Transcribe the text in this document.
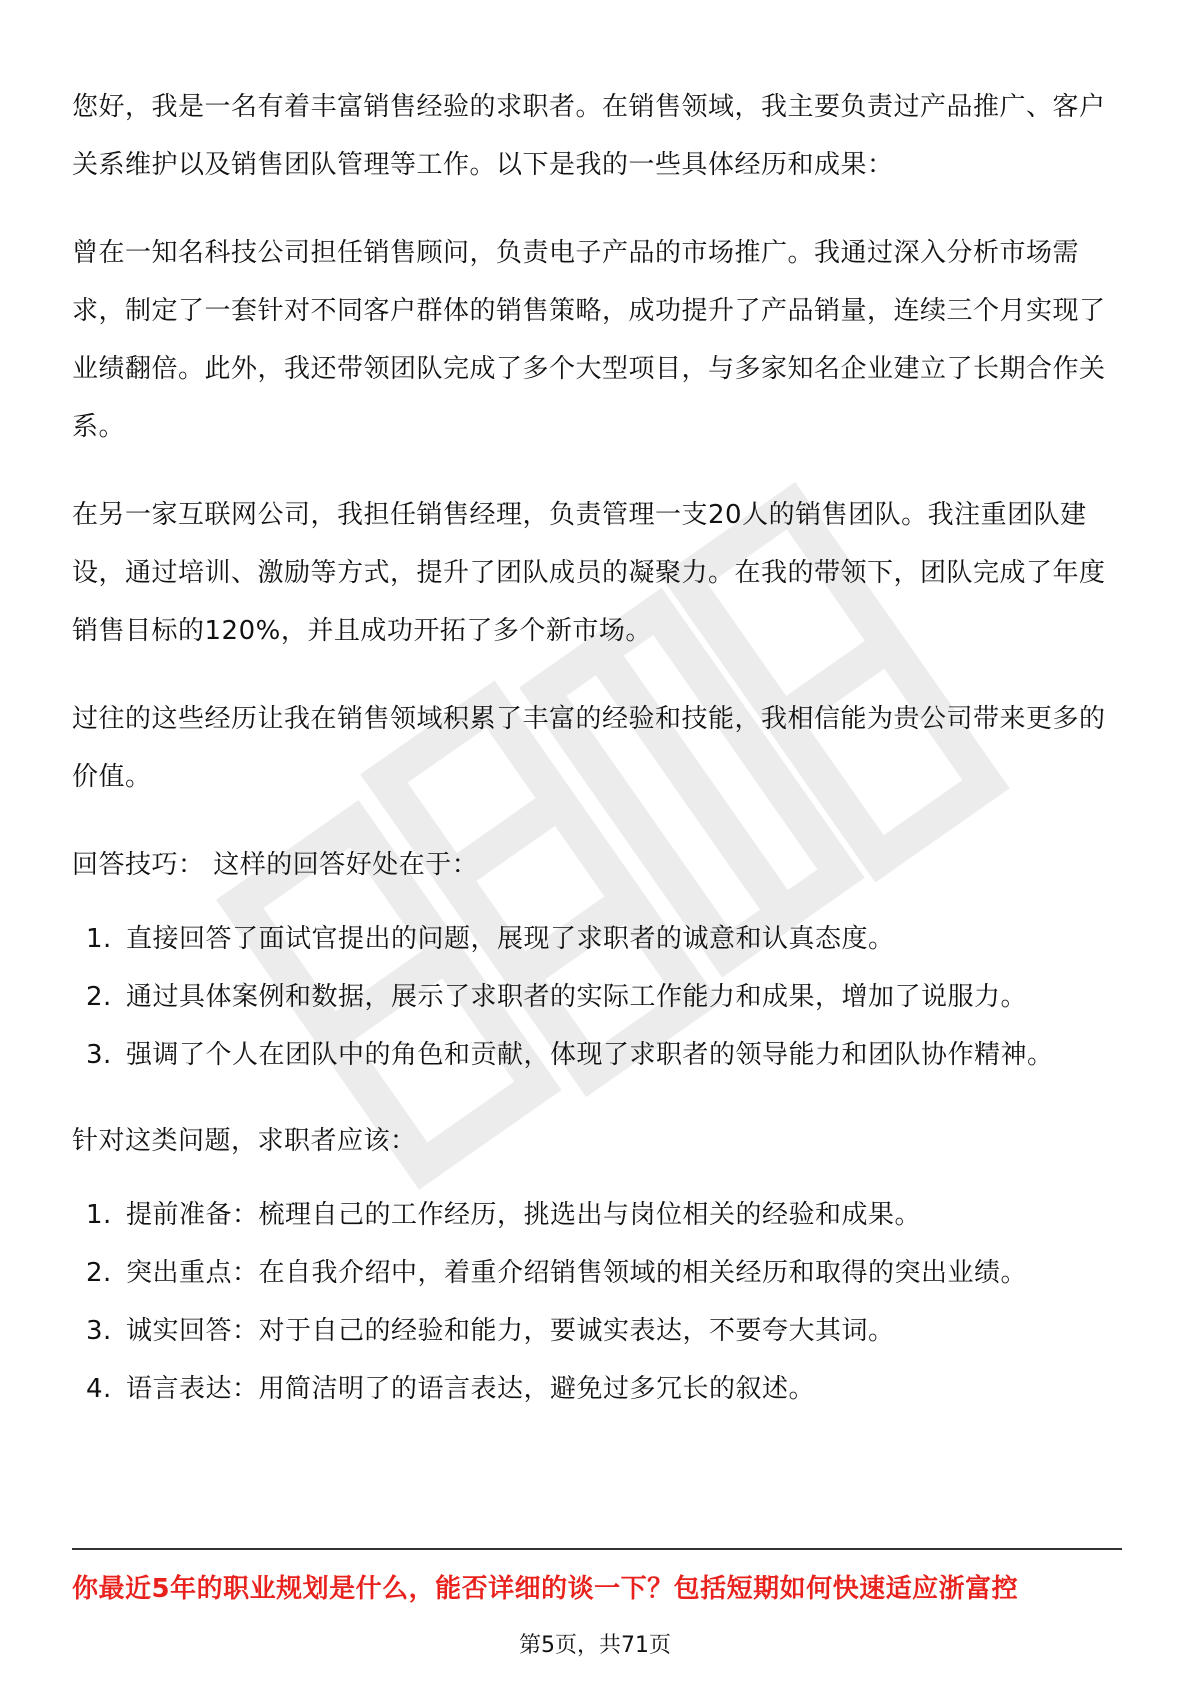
您好，我是一名有着丰富销售经验的求职者。在销售领域，我主要负责过产品推广、客户关系维护以及销售团队管理等工作。以下是我的一些具体经历和成果：

曾在一知名科技公司担任销售顾问，负责电子产品的市场推广。我通过深入分析市场需求，制定了一套针对不同客户群体的销售策略，成功提升了产品销量，连续三个月实现了业绩翻倍。此外，我还带领团队完成了多个大型项目，与多家知名企业建立了长期合作关系。

在另一家互联网公司，我担任销售经理，负责管理一支20人的销售团队。我注重团队建设，通过培训、激励等方式，提升了团队成员的凝聚力。在我的带领下，团队完成了年度销售目标的120%，并且成功开拓了多个新市场。

过往的这些经历让我在销售领域积累了丰富的经验和技能，我相信能为贵公司带来更多的价值。

回答技巧： 这样的回答好处在于：

1. 直接回答了面试官提出的问题，展现了求职者的诚意和认真态度。
2. 通过具体案例和数据，展示了求职者的实际工作能力和成果，增加了说服力。
3. 强调了个人在团队中的角色和贡献，体现了求职者的领导能力和团队协作精神。

针对这类问题，求职者应该：

1. 提前准备：梳理自己的工作经历，挑选出与岗位相关的经验和成果。
2. 突出重点：在自我介绍中，着重介绍销售领域的相关经历和取得的突出业绩。
3. 诚实回答：对于自己的经验和能力，要诚实表达，不要夸大其词。
4. 语言表达：用简洁明了的语言表达，避免过多冗长的叙述。
你最近5年的职业规划是什么，能否详细的谈一下？包括短期如何快速适应浙富控
第5页，共71页
